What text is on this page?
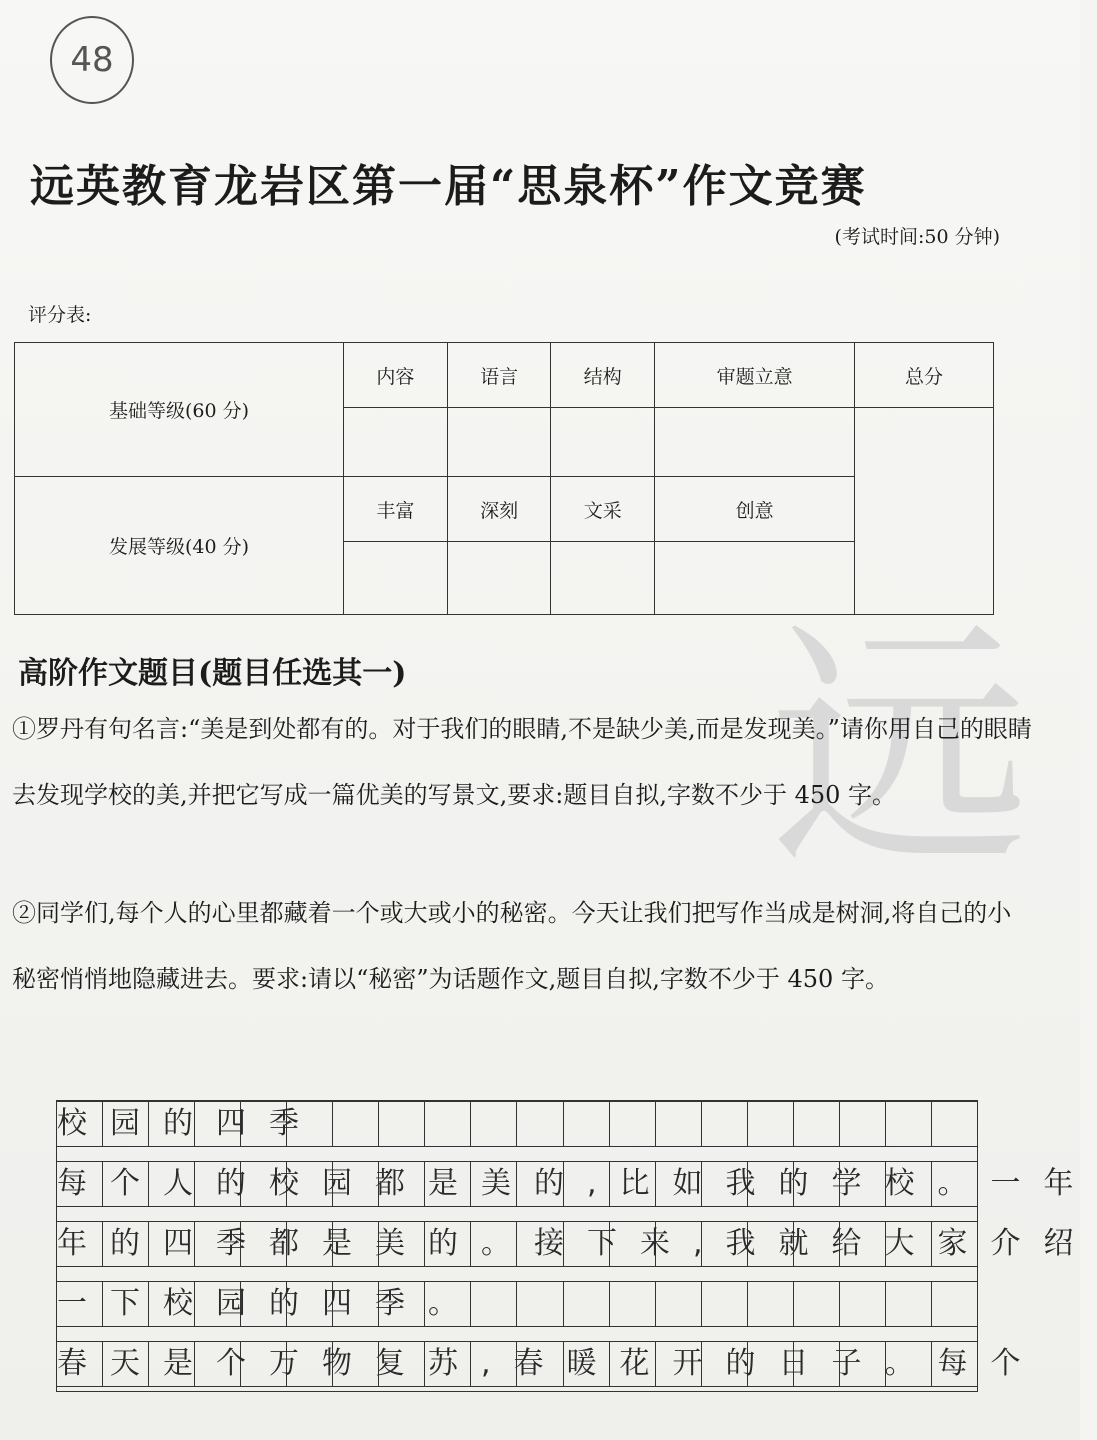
48
远英教育龙岩区第一届“思泉杯”作文竞赛
(考试时间:50 分钟)
远
评分表:
基础等级(60 分)	内容	语言	结构	审题立意	总分

发展等级(40 分)	丰富	深刻	文采	创意	

高阶作文题目(题目任选其一)
①罗丹有句名言:“美是到处都有的。对于我们的眼睛,不是缺少美,而是发现美。”请你用自己的眼睛去发现学校的美,并把它写成一篇优美的写景文,要求:题目自拟,字数不少于 450 字。
②同学们,每个人的心里都藏着一个或大或小的秘密。今天让我们把写作当成是树洞,将自己的小秘密悄悄地隐藏进去。要求:请以“秘密”为话题作文,题目自拟,字数不少于 450 字。
校园的四季
每个人的校园都是美的,比如我的学校。一年
年的四季都是美的。接下来,我就给大家介绍
一下校园的四季。
春天是个万物复苏,春暖花开的日子。每个
